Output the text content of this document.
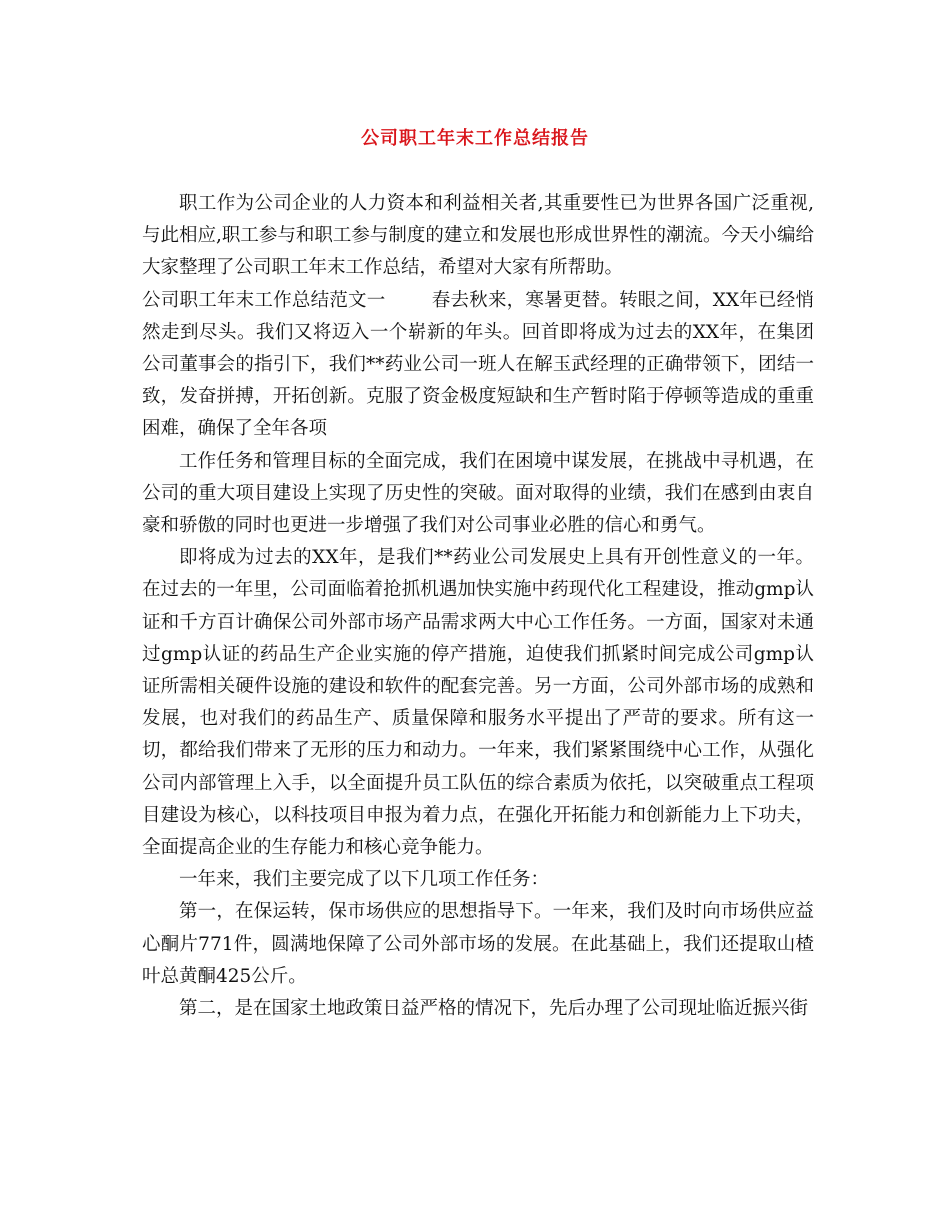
公司职工年末工作总结报告

职工作为公司企业的人力资本和利益相关者,其重要性已为世界各国广泛重视,与此相应,职工参与和职工参与制度的建立和发展也形成世界性的潮流。今天小编给大家整理了公司职工年末工作总结，希望对大家有所帮助。

公司职工年末工作总结范文一 春去秋来，寒暑更替。转眼之间，XX年已经悄然走到尽头。我们又将迈入一个崭新的年头。回首即将成为过去的XX年，在集团公司董事会的指引下，我们**药业公司一班人在解玉武经理的正确带领下，团结一致，发奋拼搏，开拓创新。克服了资金极度短缺和生产暂时陷于停顿等造成的重重困难，确保了全年各项

工作任务和管理目标的全面完成，我们在困境中谋发展，在挑战中寻机遇，在公司的重大项目建设上实现了历史性的突破。面对取得的业绩，我们在感到由衷自豪和骄傲的同时也更进一步增强了我们对公司事业必胜的信心和勇气。

即将成为过去的XX年，是我们**药业公司发展史上具有开创性意义的一年。在过去的一年里，公司面临着抢抓机遇加快实施中药现代化工程建设，推动gmp认证和千方百计确保公司外部市场产品需求两大中心工作任务。一方面，国家对未通过gmp认证的药品生产企业实施的停产措施，迫使我们抓紧时间完成公司gmp认证所需相关硬件设施的建设和软件的配套完善。另一方面，公司外部市场的成熟和发展，也对我们的药品生产、质量保障和服务水平提出了严苛的要求。所有这一切，都给我们带来了无形的压力和动力。一年来，我们紧紧围绕中心工作，从强化公司内部管理上入手，以全面提升员工队伍的综合素质为依托，以突破重点工程项目建设为核心，以科技项目申报为着力点，在强化开拓能力和创新能力上下功夫，全面提高企业的生存能力和核心竞争能力。

一年来，我们主要完成了以下几项工作任务：

第一，在保运转，保市场供应的思想指导下。一年来，我们及时向市场供应益心酮片771件，圆满地保障了公司外部市场的发展。在此基础上，我们还提取山楂叶总黄酮425公斤。

第二，是在国家土地政策日益严格的情况下，先后办理了公司现址临近振兴街
